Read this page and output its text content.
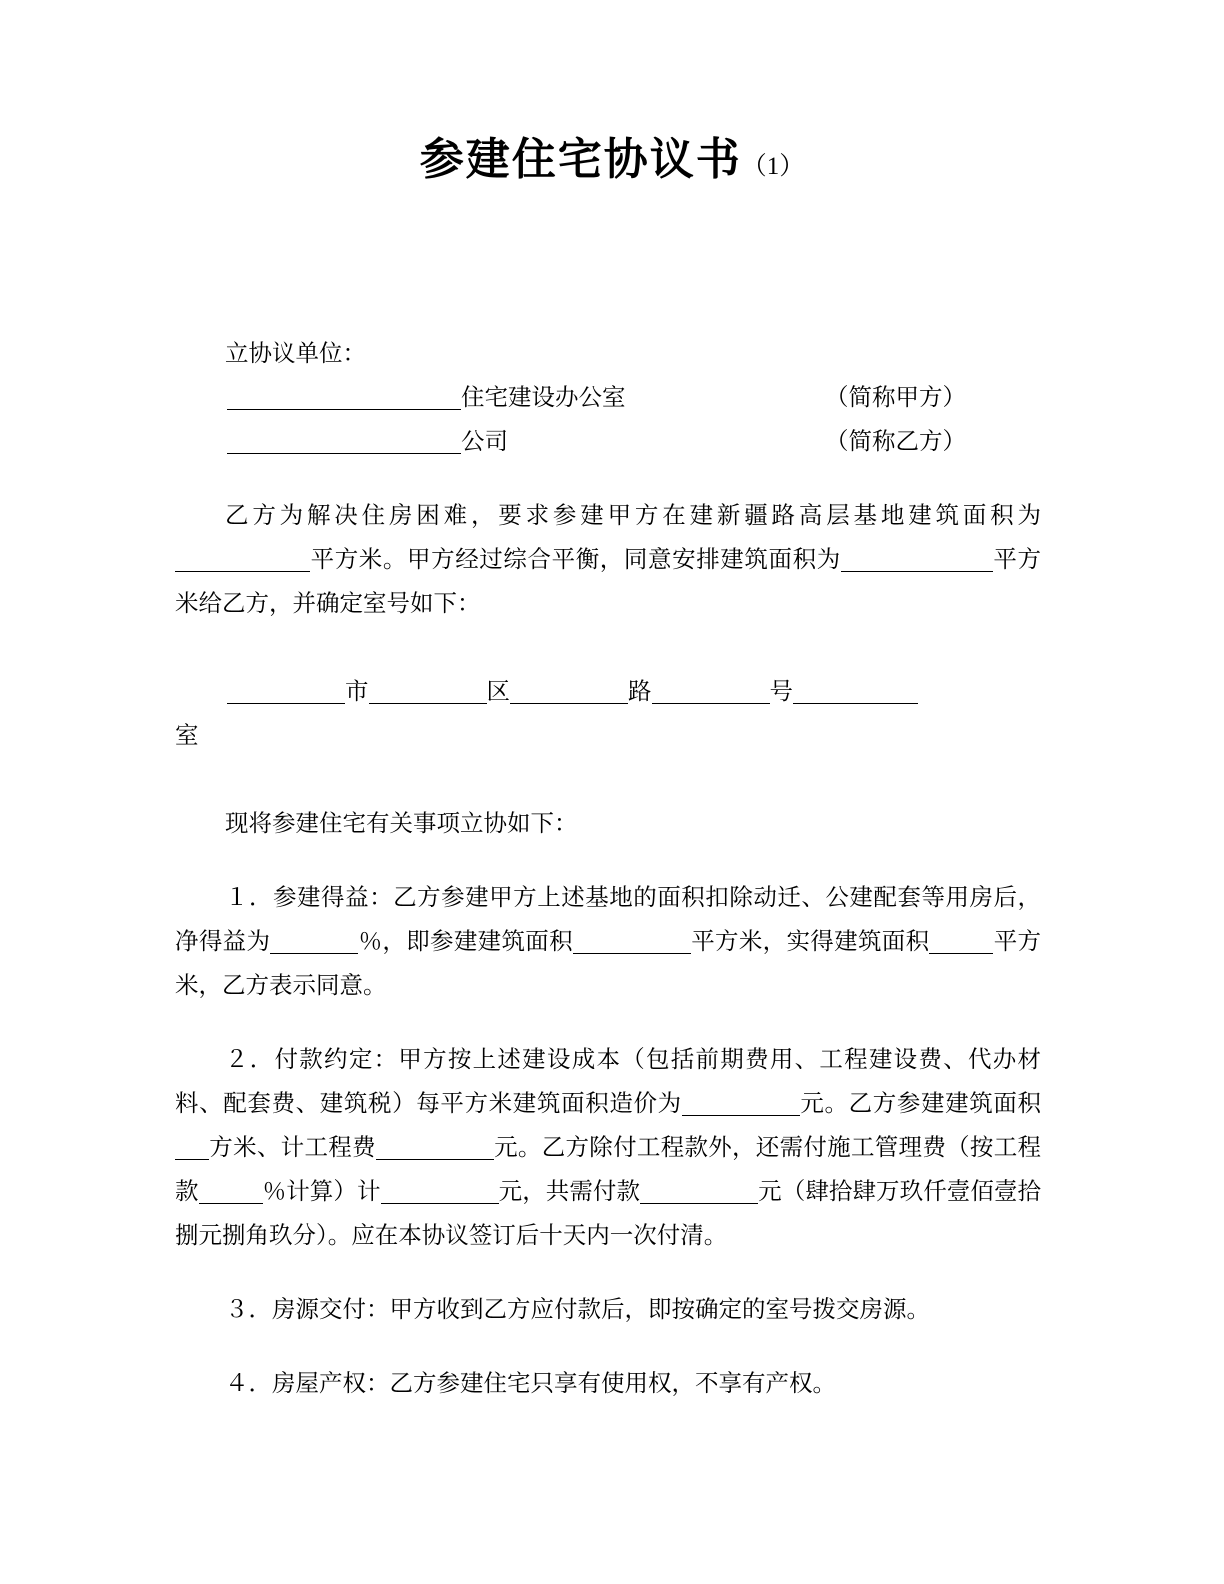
参建住宅协议书（1）

立协议单位：

住宅建设办公室	（简称甲方）
公司	（简称乙方）

乙方为解决住房困难，要求参建甲方在建新疆路高层基地建筑面积为平方米。甲方经过综合平衡，同意安排建筑面积为	平方米给乙方，并确定室号如下：

市	区	路	号

室

现将参建住宅有关事项立协如下：

１．参建得益：乙方参建甲方上述基地的面积扣除动迁、公建配套等用房后，净得益为	％，即参建建筑面积	平方米，实得建筑面积	平方米，乙方表示同意。

２．付款约定：甲方按上述建设成本（包括前期费用、工程建设费、代办材料、配套费、建筑税）每平方米建筑面积造价为	元。乙方参建建筑面积方米、计工程费	元。乙方除付工程款外，还需付施工管理费（按工程款	％计算）计	元，共需付款	元（肆拾肆万玖仟壹佰壹拾捌元捌角玖分）。应在本协议签订后十天内一次付清。

３．房源交付：甲方收到乙方应付款后，即按确定的室号拨交房源。

４．房屋产权：乙方参建住宅只享有使用权，不享有产权。
